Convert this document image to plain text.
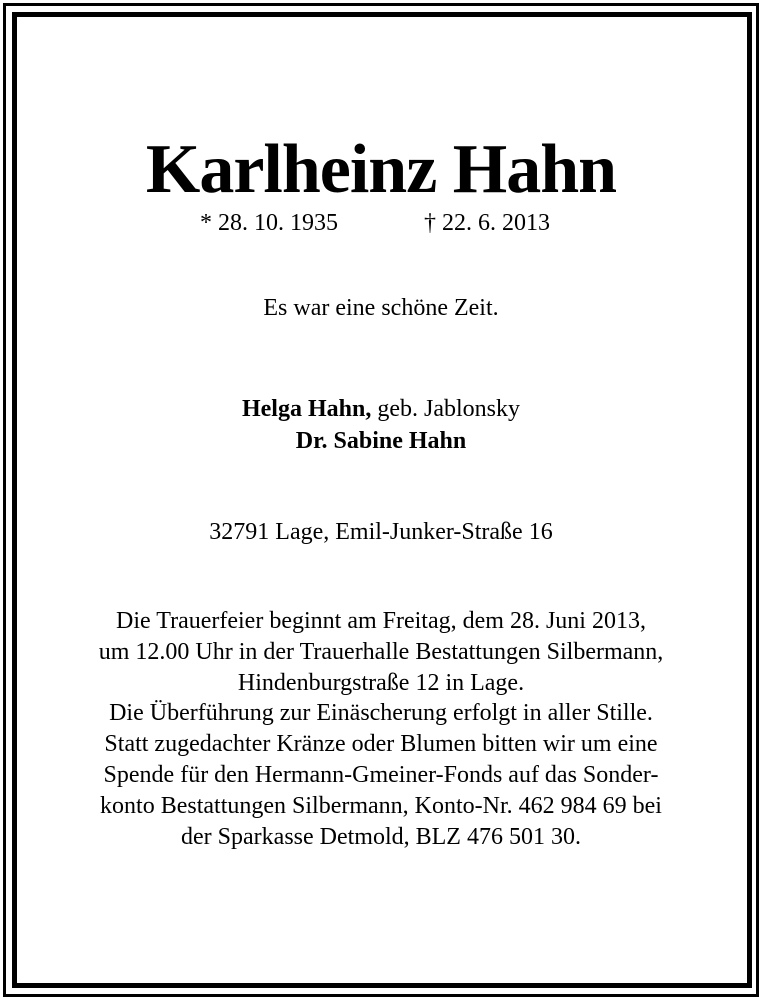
Karlheinz Hahn
* 28. 10. 1935	† 22. 6. 2013
Es war eine schöne Zeit.
Helga Hahn, geb. Jablonsky
Dr. Sabine Hahn
32791 Lage, Emil-Junker-Straße 16
Die Trauerfeier beginnt am Freitag, dem 28. Juni 2013,
um 12.00 Uhr in der Trauerhalle Bestattungen Silbermann,
Hindenburgstraße 12 in Lage.
Die Überführung zur Einäscherung erfolgt in aller Stille.
Statt zugedachter Kränze oder Blumen bitten wir um eine
Spende für den Hermann-Gmeiner-Fonds auf das Sonder-
konto Bestattungen Silbermann, Konto-Nr. 462 984 69 bei
der Sparkasse Detmold, BLZ 476 501 30.
